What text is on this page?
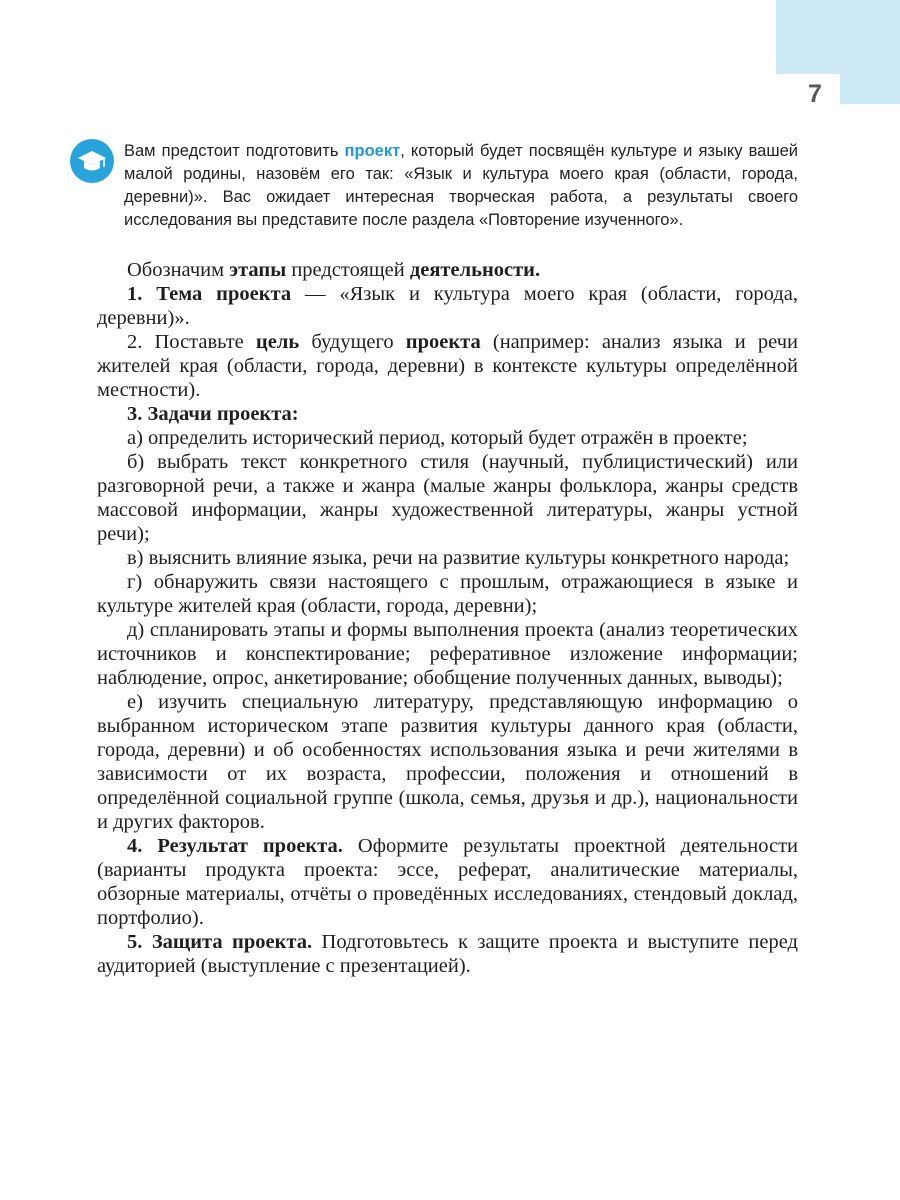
7
Вам предстоит подготовить проект, который будет посвящён культуре и языку вашей малой родины, назовём его так: «Язык и культура моего края (области, города, деревни)». Вас ожидает интересная творческая работа, а результаты своего исследования вы представите после раздела «Повторение изученного».

Обозначим этапы предстоящей деятельности.

1. Тема проекта — «Язык и культура моего края (области, города, деревни)».

2. Поставьте цель будущего проекта (например: анализ языка и речи жителей края (области, города, деревни) в контексте культуры определённой местности).

3. Задачи проекта:

а) определить исторический период, который будет отражён в проекте;

б) выбрать текст конкретного стиля (научный, публицистический) или разговорной речи, а также и жанра (малые жанры фольклора, жанры средств массовой информации, жанры художественной литературы, жанры устной речи);

в) выяснить влияние языка, речи на развитие культуры конкретного народа;

г) обнаружить связи настоящего с прошлым, отражающиеся в языке и культуре жителей края (области, города, деревни);

д) спланировать этапы и формы выполнения проекта (анализ теоретических источников и конспектирование; реферативное изложение информации; наблюдение, опрос, анкетирование; обобщение полученных данных, выводы);

е) изучить специальную литературу, представляющую информацию о выбранном историческом этапе развития культуры данного края (области, города, деревни) и об особенностях использования языка и речи жителями в зависимости от их возраста, профессии, положения и отношений в определённой социальной группе (школа, семья, друзья и др.), национальности и других факторов.

4. Результат проекта. Оформите результаты проектной деятельности (варианты продукта проекта: эссе, реферат, аналитические материалы, обзорные материалы, отчёты о проведённых исследованиях, стендовый доклад, портфолио).

5. Защита проекта. Подготовьтесь к защите проекта и выступите перед аудиторией (выступление с презентацией).
